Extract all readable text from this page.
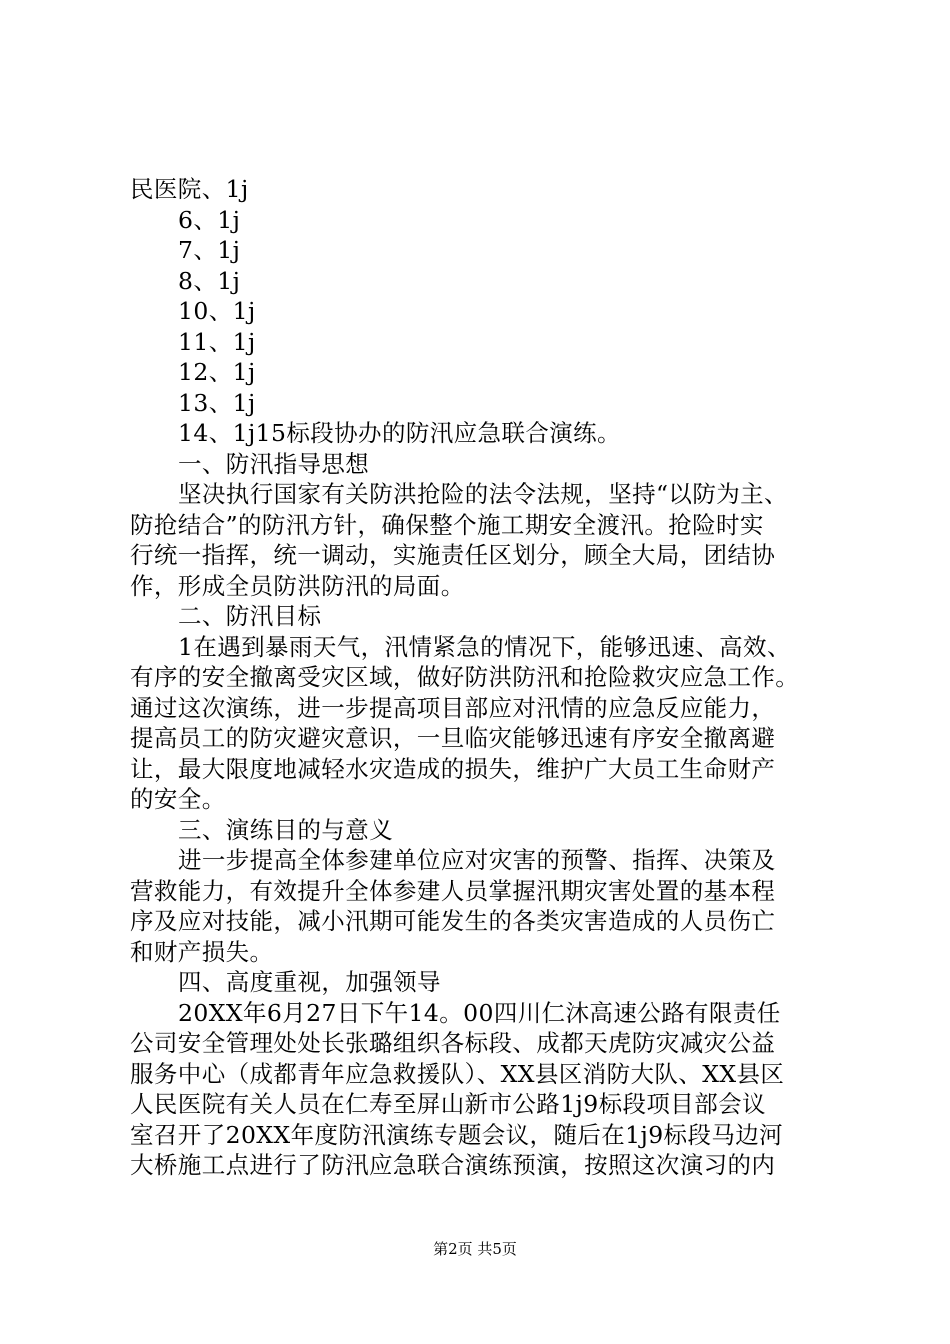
民医院、1j
6、1j
7、1j
8、1j
10、1j
11、1j
12、1j
13、1j
14、1j15标段协办的防汛应急联合演练。
一、防汛指导思想
坚决执行国家有关防洪抢险的法令法规，坚持“以防为主、
防抢结合”的防汛方针，确保整个施工期安全渡汛。抢险时实
行统一指挥，统一调动，实施责任区划分，顾全大局，团结协
作，形成全员防洪防汛的局面。
二、防汛目标
1在遇到暴雨天气，汛情紧急的情况下，能够迅速、高效、
有序的安全撤离受灾区域，做好防洪防汛和抢险救灾应急工作。
通过这次演练，进一步提高项目部应对汛情的应急反应能力，
提高员工的防灾避灾意识，一旦临灾能够迅速有序安全撤离避
让，最大限度地减轻水灾造成的损失，维护广大员工生命财产
的安全。
三、演练目的与意义
进一步提高全体参建单位应对灾害的预警、指挥、决策及
营救能力，有效提升全体参建人员掌握汛期灾害处置的基本程
序及应对技能，减小汛期可能发生的各类灾害造成的人员伤亡
和财产损失。
四、高度重视，加强领导
20XX年6月27日下午14。00四川仁沐高速公路有限责任
公司安全管理处处长张璐组织各标段、成都天虎防灾减灾公益
服务中心（成都青年应急救援队）、XX县区消防大队、XX县区
人民医院有关人员在仁寿至屏山新市公路1j9标段项目部会议
室召开了20XX年度防汛演练专题会议，随后在1j9标段马边河
大桥施工点进行了防汛应急联合演练预演，按照这次演习的内
第2页 共5页
